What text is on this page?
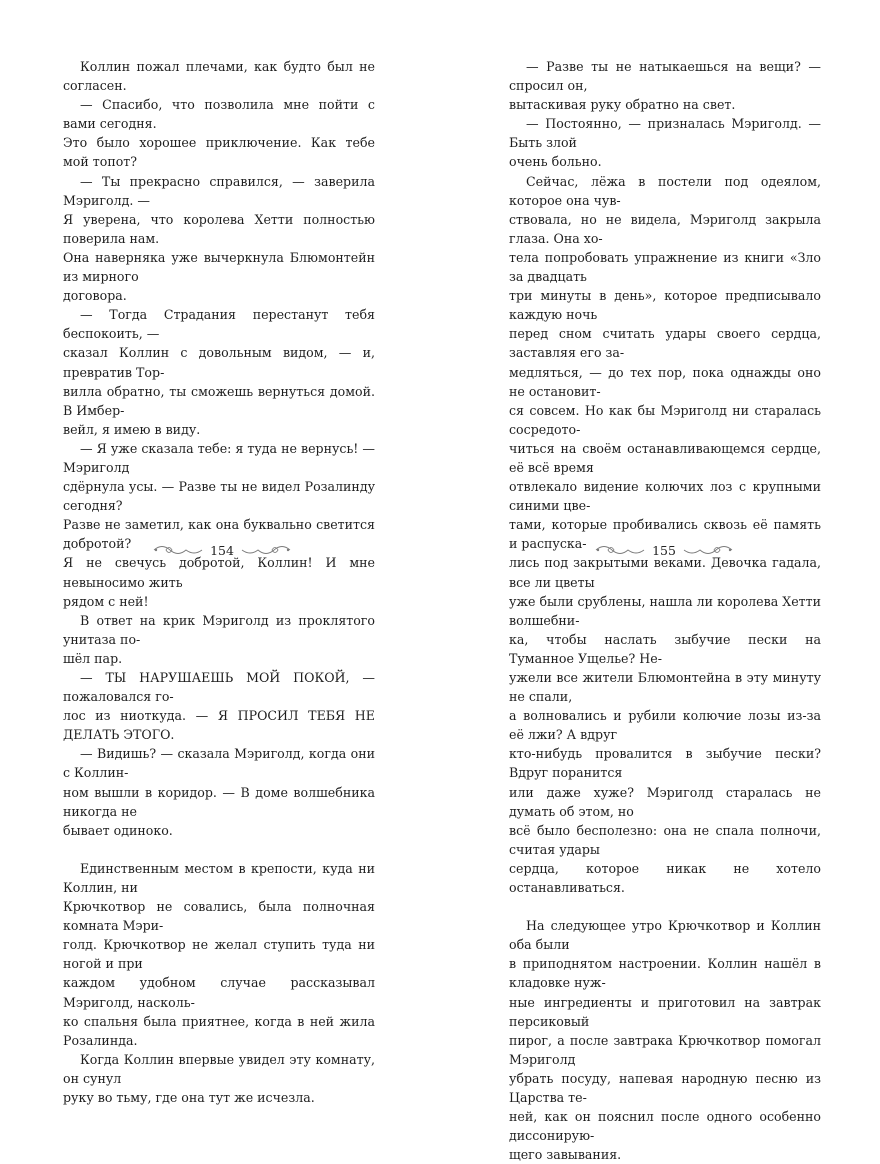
Коллин пожал плечами, как будто был не согласен.

— Спасибо, что позволила мне пойти с вами сегодня.
Это было хорошее приключение. Как тебе мой топот?

— Ты прекрасно справился, — заверила Мэриголд. —
Я уверена, что королева Хетти полностью поверила нам.
Она наверняка уже вычеркнула Блюмонтейн из мирного
договора.

— Тогда Страдания перестанут тебя беспокоить, —
сказал Коллин с довольным видом, — и, превратив Тор-
вилла обратно, ты сможешь вернуться домой. В Имбер-
вейл, я имею в виду.

— Я уже сказала тебе: я туда не вернусь! — Мэриголд
сдёрнула усы. — Разве ты не видел Розалинду сегодня?
Разве не заметил, как она буквально светится добротой?
Я не свечусь добротой, Коллин! И мне невыносимо жить
рядом с ней!

В ответ на крик Мэриголд из проклятого унитаза по-
шёл пар.

— ТЫ НАРУШАЕШЬ МОЙ ПОКОЙ, — пожаловался го-
лос из ниоткуда. — Я ПРОСИЛ ТЕБЯ НЕ ДЕЛАТЬ ЭТОГО.

— Видишь? — сказала Мэриголд, когда они с Коллин-
ном вышли в коридор. — В доме волшебника никогда не
бывает одиноко.

Единственным местом в крепости, куда ни Коллин, ни
Крючкотвор не совались, была полночная комната Мэри-
голд. Крючкотвор не желал ступить туда ни ногой и при
каждом удобном случае рассказывал Мэриголд, насколь-
ко спальня была приятнее, когда в ней жила Розалинда.

Когда Коллин впервые увидел эту комнату, он сунул
руку во тьму, где она тут же исчезла.

— Разве ты не натыкаешься на вещи? — спросил он,
вытаскивая руку обратно на свет.

— Постоянно, — призналась Мэриголд. — Быть злой
очень больно.

Сейчас, лёжа в постели под одеялом, которое она чув-
ствовала, но не видела, Мэриголд закрыла глаза. Она хо-
тела попробовать упражнение из книги «Зло за двадцать
три минуты в день», которое предписывало каждую ночь
перед сном считать удары своего сердца, заставляя его за-
медляться, — до тех пор, пока однажды оно не остановит-
ся совсем. Но как бы Мэриголд ни старалась сосредото-
читься на своём останавливающемся сердце, её всё время
отвлекало видение колючих лоз с крупными синими цве-
тами, которые пробивались сквозь её память и распуска-
лись под закрытыми веками. Девочка гадала, все ли цветы
уже были срублены, нашла ли королева Хетти волшебни-
ка, чтобы наслать зыбучие пески на Туманное Ущелье? Не-
ужели все жители Блюмонтейна в эту минуту не спали,
а волновались и рубили колючие лозы из-за её лжи? А вдруг
кто-нибудь провалится в зыбучие пески? Вдруг поранится
или даже хуже? Мэриголд старалась не думать об этом, но
всё было бесполезно: она не спала полночи, считая удары
сердца, которое никак не хотело останавливаться.

На следующее утро Крючкотвор и Коллин оба были
в приподнятом настроении. Коллин нашёл в кладовке нуж-
ные ингредиенты и приготовил на завтрак персиковый
пирог, а после завтрака Крючкотвор помогал Мэриголд
убрать посуду, напевая народную песню из Царства те-
ней, как он пояснил после одного особенно диссонирую-
щего завывания.

154	155
